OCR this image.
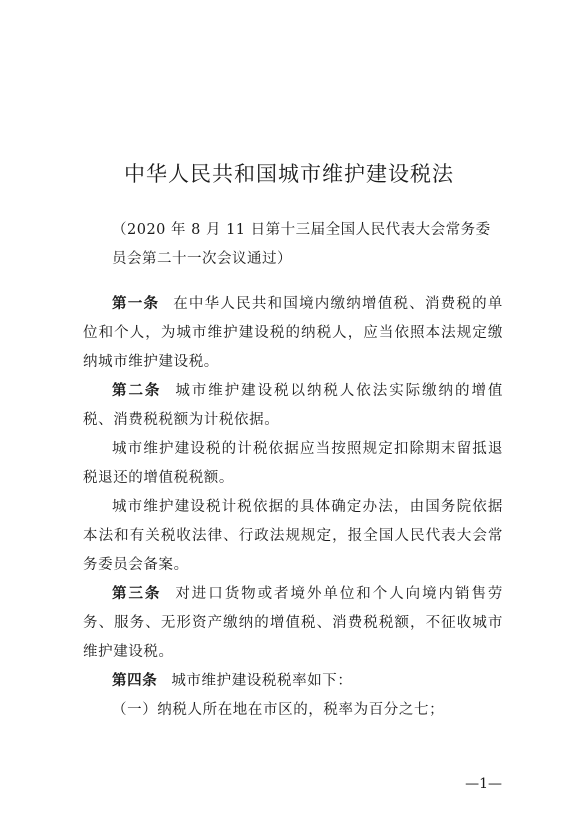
中华人民共和国城市维护建设税法

（2020 年 8 月 11 日第十三届全国人民代表大会常务委员会第二十一次会议通过）

第一条 在中华人民共和国境内缴纳增值税、消费税的单位和个人，为城市维护建设税的纳税人，应当依照本法规定缴纳城市维护建设税。

第二条 城市维护建设税以纳税人依法实际缴纳的增值税、消费税税额为计税依据。

城市维护建设税的计税依据应当按照规定扣除期末留抵退税退还的增值税税额。

城市维护建设税计税依据的具体确定办法，由国务院依据本法和有关税收法律、行政法规规定，报全国人民代表大会常务委员会备案。

第三条 对进口货物或者境外单位和个人向境内销售劳务、服务、无形资产缴纳的增值税、消费税税额，不征收城市维护建设税。

第四条 城市维护建设税税率如下：

（一）纳税人所在地在市区的，税率为百分之七；

—1—
